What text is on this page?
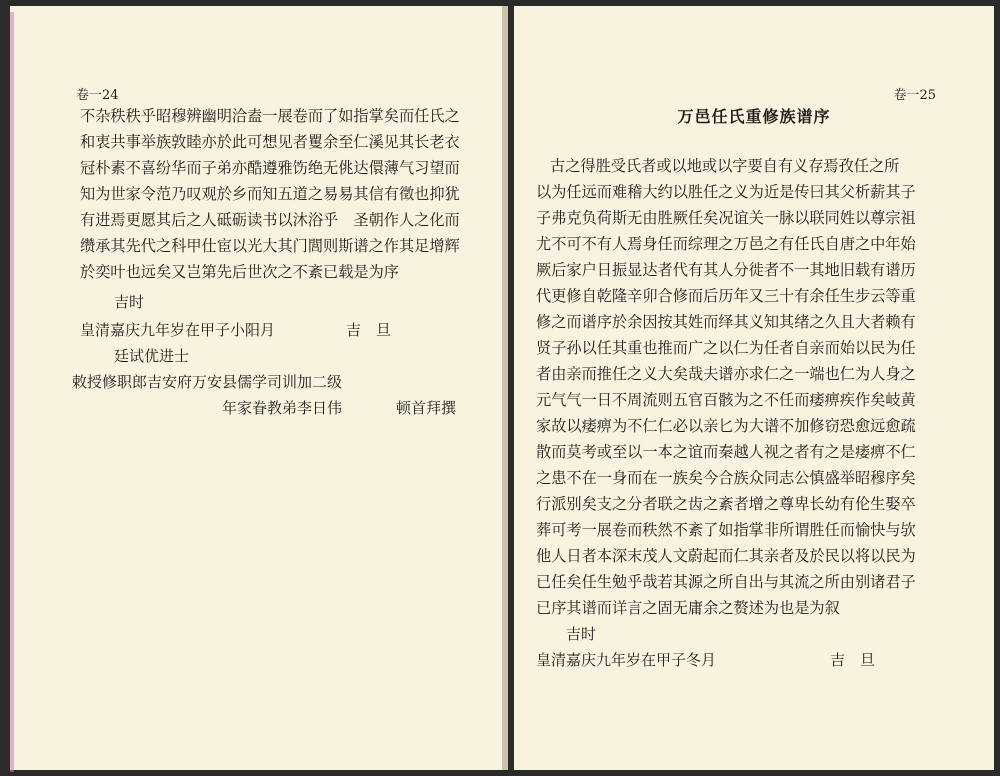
卷一24
不杂秩秩乎昭穆辨幽明洽盍一展卷而了如指掌矣而任氏之
和衷共事举族敦睦亦於此可想见者矍余至仁溪见其长老衣
冠朴素不喜纷华而子弟亦酷遵雅饬绝无佻达儇薄气习望而
知为世家令范乃叹观於乡而知五道之易易其信有徵也抑犹
有进焉更愿其后之人砥砺读书以沐浴乎　圣朝作人之化而
缵承其先代之科甲仕宦以光大其门閭则斯谱之作其足增辉
於奕叶也远矣又岂第先后世次之不紊已载是为序
吉时
皇清嘉庆九年岁在甲子小阳月	吉　旦
廷试优进士
敕授修职郎吉安府万安县儒学司训加二级
年家眷教弟李日伟	顿首拜撰
卷一25
万邑任氏重修族谱序
古之得胜受氏者或以地或以字要自有义存焉孜任之所
以为任远而难稽大约以胜任之义为近是传曰其父析薪其子
子弗克负荷斯无由胜厥任矣况谊关一脉以联同姓以尊宗祖
尤不可不有人焉身任而综理之万邑之有任氏自唐之中年始
厥后家户日振显达者代有其人分徙者不一其地旧载有谱历
代更修自乾隆辛卯合修而后历年又三十有余任生步云等重
修之而谱序於余因按其姓而绎其义知其绪之久且大者赖有
贤子孙以任其重也推而广之以仁为任者自亲而始以民为任
者由亲而推任之义大矣哉夫谱亦求仁之一端也仁为人身之
元气气一日不周流则五官百骸为之不任而痿痹疾作矣岐黄
家故以痿痹为不仁仁必以亲匕为大谱不加修窃恐愈远愈疏
散而莫考或至以一本之谊而秦越人视之者有之是痿痹不仁
之患不在一身而在一族矣今合族众同志公慎盛举昭穆序矣
行派别矣支之分者联之齿之紊者增之尊卑长幼有伦生娶卒
葬可考一展卷而秩然不紊了如指掌非所谓胜任而愉快与欤
他人日者本深末茂人文蔚起而仁其亲者及於民以将以民为
已任矣任生勉乎哉若其源之所自出与其流之所由别诸君子
已序其谱而详言之固无庸余之赘述为也是为叙
吉时
皇清嘉庆九年岁在甲子冬月	吉　旦
